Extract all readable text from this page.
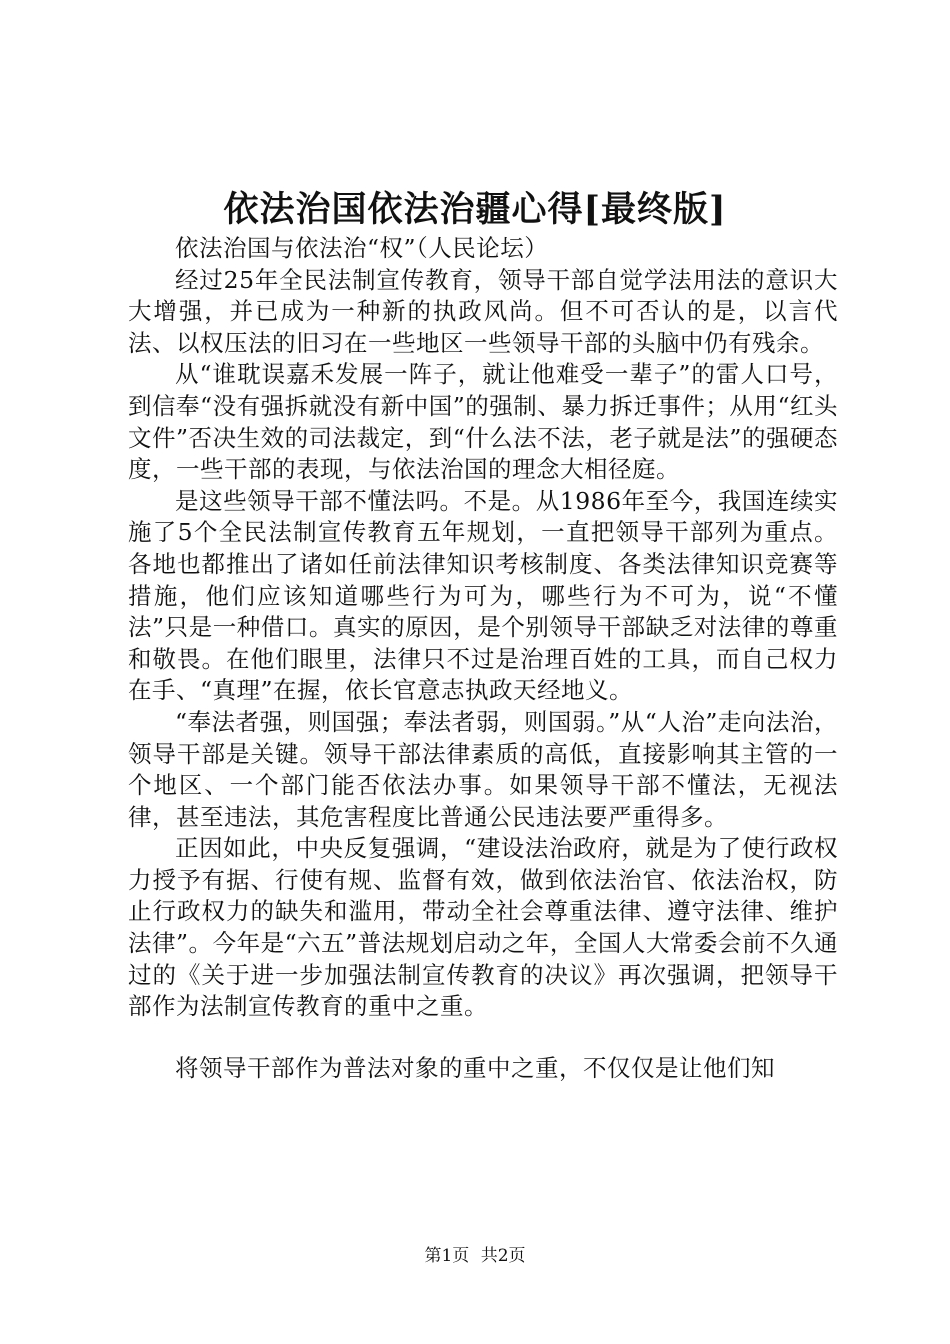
依法治国依法治疆心得[最终版]

依法治国与依法治“权”（人民论坛）

经过25年全民法制宣传教育，领导干部自觉学法用法的意识大大增强，并已成为一种新的执政风尚。但不可否认的是，以言代法、以权压法的旧习在一些地区一些领导干部的头脑中仍有残余。

从“谁耽误嘉禾发展一阵子，就让他难受一辈子”的雷人口号，到信奉“没有强拆就没有新中国”的强制、暴力拆迁事件；从用“红头文件”否决生效的司法裁定，到“什么法不法，老子就是法”的强硬态度，一些干部的表现，与依法治国的理念大相径庭。

是这些领导干部不懂法吗。不是。从1986年至今，我国连续实施了5个全民法制宣传教育五年规划，一直把领导干部列为重点。各地也都推出了诸如任前法律知识考核制度、各类法律知识竞赛等措施，他们应该知道哪些行为可为，哪些行为不可为，说“不懂法”只是一种借口。真实的原因，是个别领导干部缺乏对法律的尊重和敬畏。在他们眼里，法律只不过是治理百姓的工具，而自己权力在手、“真理”在握，依长官意志执政天经地义。

“奉法者强，则国强；奉法者弱，则国弱。”从“人治”走向法治，领导干部是关键。领导干部法律素质的高低，直接影响其主管的一个地区、一个部门能否依法办事。如果领导干部不懂法，无视法律，甚至违法，其危害程度比普通公民违法要严重得多。

正因如此，中央反复强调，“建设法治政府，就是为了使行政权力授予有据、行使有规、监督有效，做到依法治官、依法治权，防止行政权力的缺失和滥用，带动全社会尊重法律、遵守法律、维护法律”。今年是“六五”普法规划启动之年，全国人大常委会前不久通过的《关于进一步加强法制宣传教育的决议》再次强调，把领导干部作为法制宣传教育的重中之重。

将领导干部作为普法对象的重中之重，不仅仅是让他们知

第1页 共2页
